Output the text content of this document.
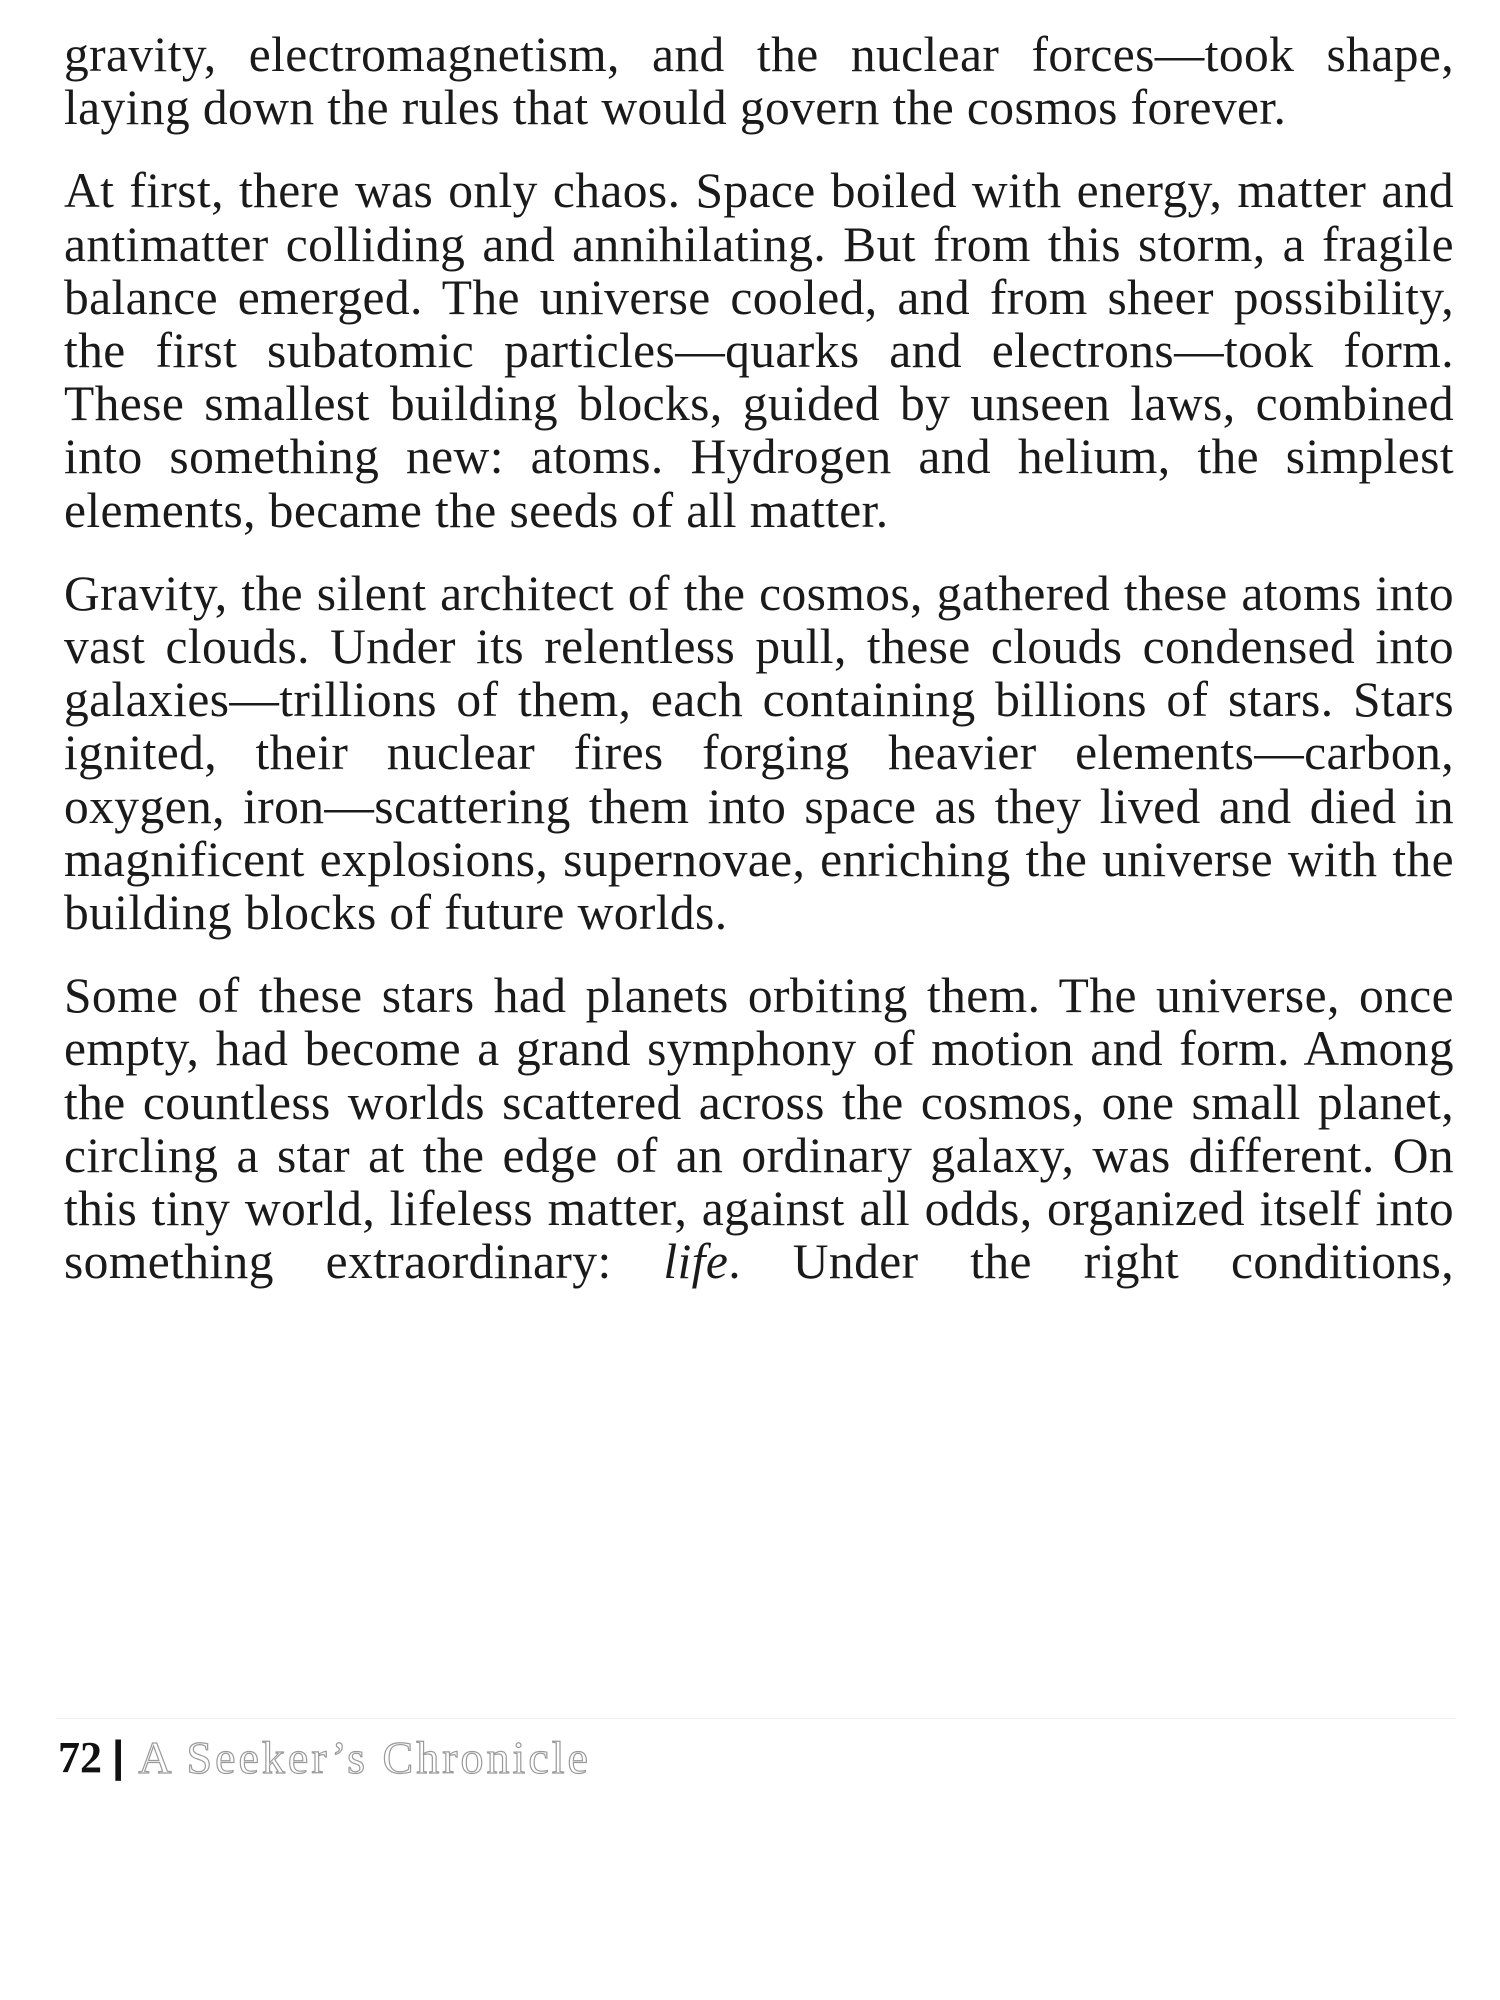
gravity, electromagnetism, and the nuclear forces—took shape, laying down the rules that would govern the cosmos forever.

At first, there was only chaos. Space boiled with energy, matter and antimatter colliding and annihilating. But from this storm, a fragile balance emerged. The universe cooled, and from sheer possibility, the first subatomic particles—quarks and electrons—took form. These smallest building blocks, guided by unseen laws, combined into something new: atoms. Hydrogen and helium, the simplest elements, became the seeds of all matter.

Gravity, the silent architect of the cosmos, gathered these atoms into vast clouds. Under its relentless pull, these clouds condensed into galaxies—trillions of them, each containing billions of stars. Stars ignited, their nuclear fires forging heavier elements—carbon, oxygen, iron—scattering them into space as they lived and died in magnificent explosions, supernovae, enriching the universe with the building blocks of future worlds.

Some of these stars had planets orbiting them. The universe, once empty, had become a grand symphony of motion and form. Among the countless worlds scattered across the cosmos, one small planet, circling a star at the edge of an ordinary galaxy, was different. On this tiny world, lifeless matter, against all odds, organized itself into something extraordinary: life. Under the right conditions,

72 | A Seeker’s Chronicle
